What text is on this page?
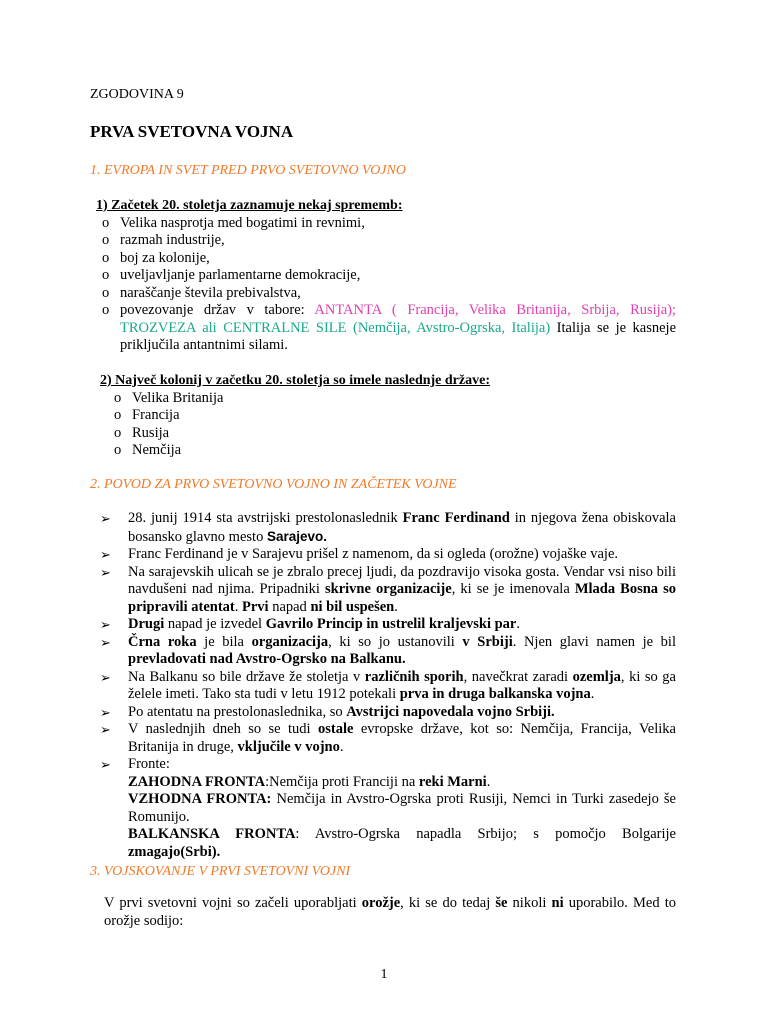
ZGODOVINA 9
PRVA SVETOVNA VOJNA
1. EVROPA IN SVET PRED PRVO SVETOVNO VOJNO
1) Začetek 20. stoletja zaznamuje nekaj sprememb:
o Velika nasprotja med bogatimi in revnimi,
o razmah industrije,
o boj za kolonije,
o uveljavljanje parlamentarne demokracije,
o naraščanje števila prebivalstva,
o povezovanje držav v tabore: ANTANTA ( Francija, Velika Britanija, Srbija, Rusija); TROZVEZA ali CENTRALNE SILE (Nemčija, Avstro-Ogrska, Italija) Italija se je kasneje priključila antantnimi silami.
2) Največ kolonij v začetku 20. stoletja so imele naslednje države:
o Velika Britanija
o Francija
o Rusija
o Nemčija
2. POVOD ZA PRVO SVETOVNO VOJNO IN ZAČETEK VOJNE
➢ 28. junij 1914 sta avstrijski prestolonaslednik Franc Ferdinand in njegova žena obiskovala bosansko glavno mesto Sarajevo.
➢ Franc Ferdinand je v Sarajevu prišel z namenom, da si ogleda (orožne) vojaške vaje.
➢ Na sarajevskih ulicah se je zbralo precej ljudi, da pozdravijo visoka gosta. Vendar vsi niso bili navdušeni nad njima. Pripadniki skrivne organizacije, ki se je imenovala Mlada Bosna so pripravili atentat. Prvi napad ni bil uspešen.
➢ Drugi napad je izvedel Gavrilo Princip in ustrelil kraljevski par.
➢ Črna roka je bila organizacija, ki so jo ustanovili v Srbiji. Njen glavi namen je bil prevladovati nad Avstro-Ogrsko na Balkanu.
➢ Na Balkanu so bile države že stoletja v različnih sporih, navečkrat zaradi ozemlja, ki so ga želele imeti. Tako sta tudi v letu 1912 potekali prva in druga balkanska vojna.
➢ Po atentatu na prestolonaslednika, so Avstrijci napovedala vojno Srbiji.
➢ V naslednjih dneh so se tudi ostale evropske države, kot so: Nemčija, Francija, Velika Britanija in druge, vključile v vojno.
➢ Fronte:
ZAHODNA FRONTA:Nemčija proti Franciji na reki Marni.
VZHODNA FRONTA: Nemčija in Avstro-Ogrska proti Rusiji, Nemci in Turki zasedejo še Romunijo.
BALKANSKA FRONTA: Avstro-Ogrska napadla Srbijo; s pomočjo Bolgarije zmagajo(Srbi).
3. VOJSKOVANJE V PRVI SVETOVNI VOJNI
V prvi svetovni vojni so začeli uporabljati orožje, ki se do tedaj še nikoli ni uporabilo. Med to orožje sodijo:
1
